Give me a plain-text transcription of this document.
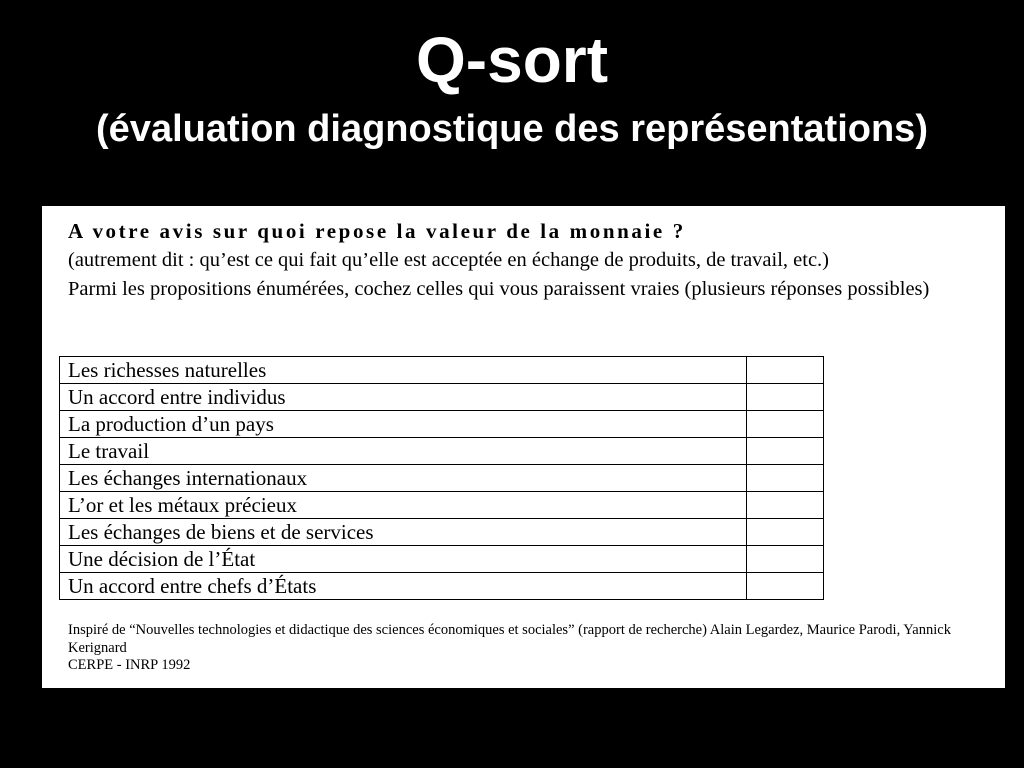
Q-sort
(évaluation diagnostique des représentations)
A votre avis sur quoi repose la valeur de la monnaie ?

(autrement dit : qu’est ce qui fait qu’elle est acceptée en échange de produits, de travail, etc.)

Parmi les propositions énumérées, cochez celles qui vous paraissent vraies (plusieurs réponses possibles)

Les richesses naturelles	
Un accord entre individus	
La production d’un pays	
Le travail	
Les échanges internationaux	
L’or et les métaux précieux	
Les échanges de biens et de services	
Une décision de l’État	
Un accord entre chefs d’États	

Inspiré de “Nouvelles technologies et didactique des sciences économiques et sociales” (rapport de recherche) Alain Legardez, Maurice Parodi, Yannick Kerignard

CERPE - INRP 1992
